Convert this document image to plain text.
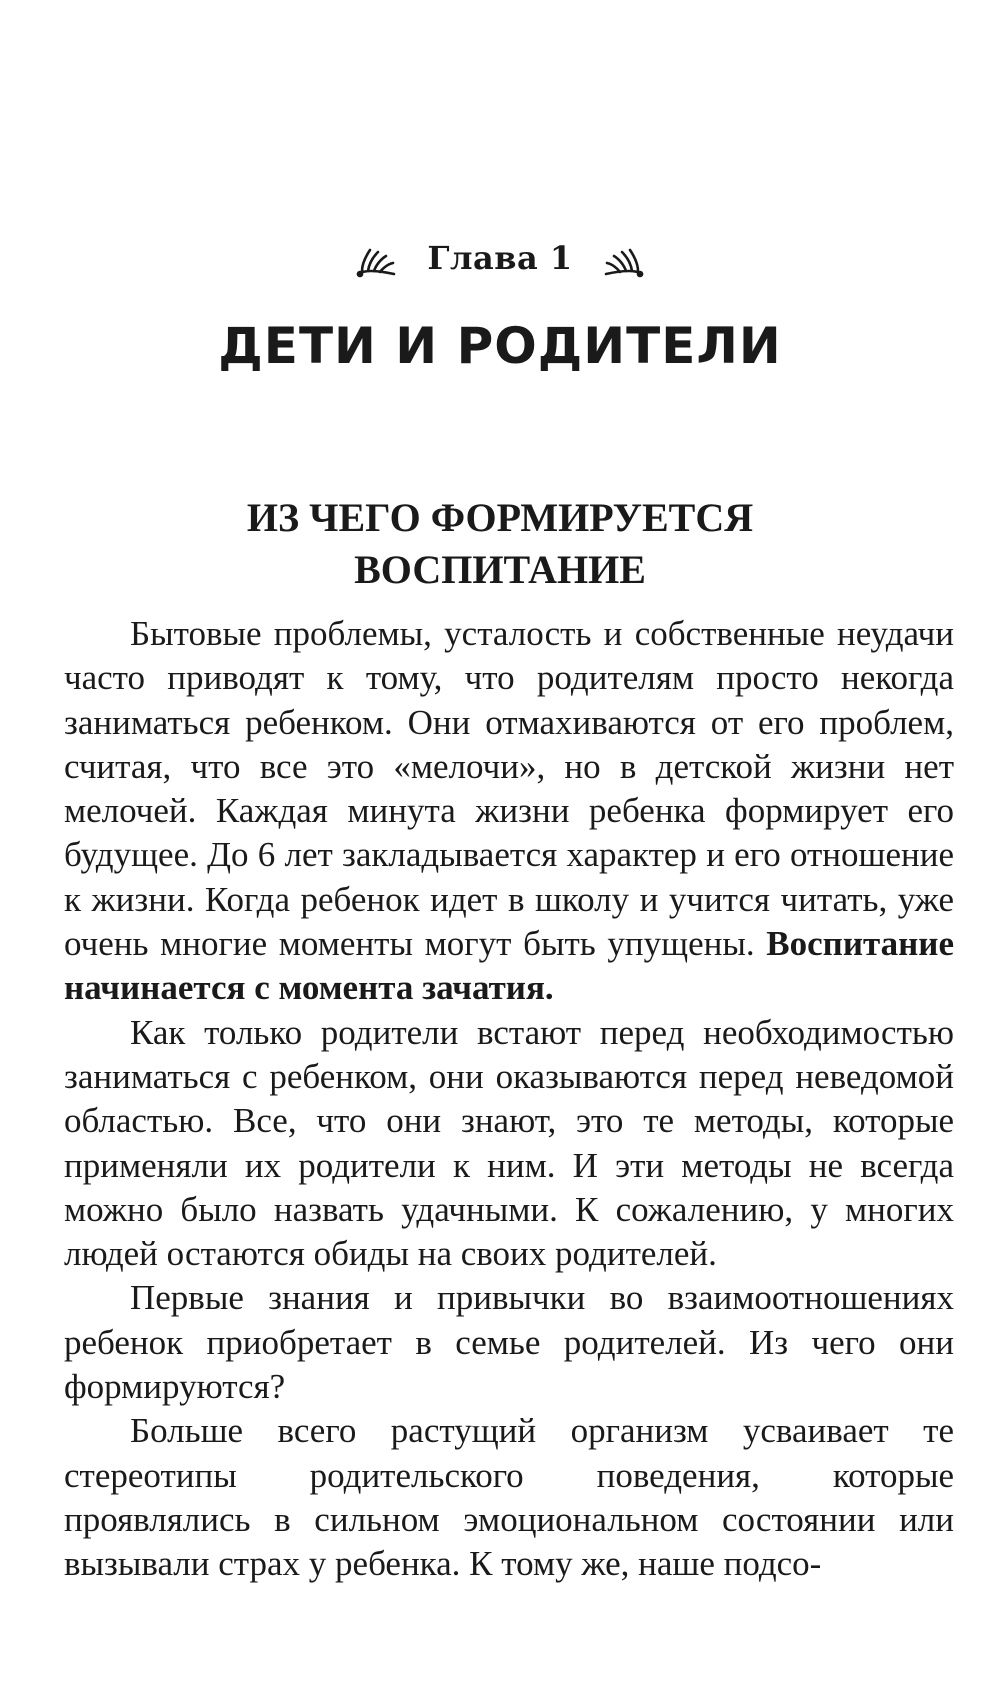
Глава 1
ДЕТИ И РОДИТЕЛИ
ИЗ ЧЕГО ФОРМИРУЕТСЯ
ВОСПИТАНИЕ

Бытовые проблемы, усталость и собственные неудачи часто приводят к тому, что родителям просто некогда заниматься ребенком. Они отмахиваются от его проблем, считая, что все это «мелочи», но в детской жизни нет мелочей. Каждая минута жизни ребенка формирует его будущее. До 6 лет закладывается характер и его отношение к жизни. Когда ребенок идет в школу и учится читать, уже очень многие моменты могут быть упущены. Воспитание начинается с момента зачатия.

Как только родители встают перед необходимостью заниматься с ребенком, они оказываются перед неведомой областью. Все, что они знают, это те методы, которые применяли их родители к ним. И эти методы не всегда можно было назвать удачными. К сожалению, у многих людей остаются обиды на своих родителей.

Первые знания и привычки во взаимоотношениях ребенок приобретает в семье родителей. Из чего они формируются?

Больше всего растущий организм усваивает те стереотипы родительского поведения, которые проявлялись в сильном эмоциональном состоянии или вызывали страх у ребенка. К тому же, наше подсо-
